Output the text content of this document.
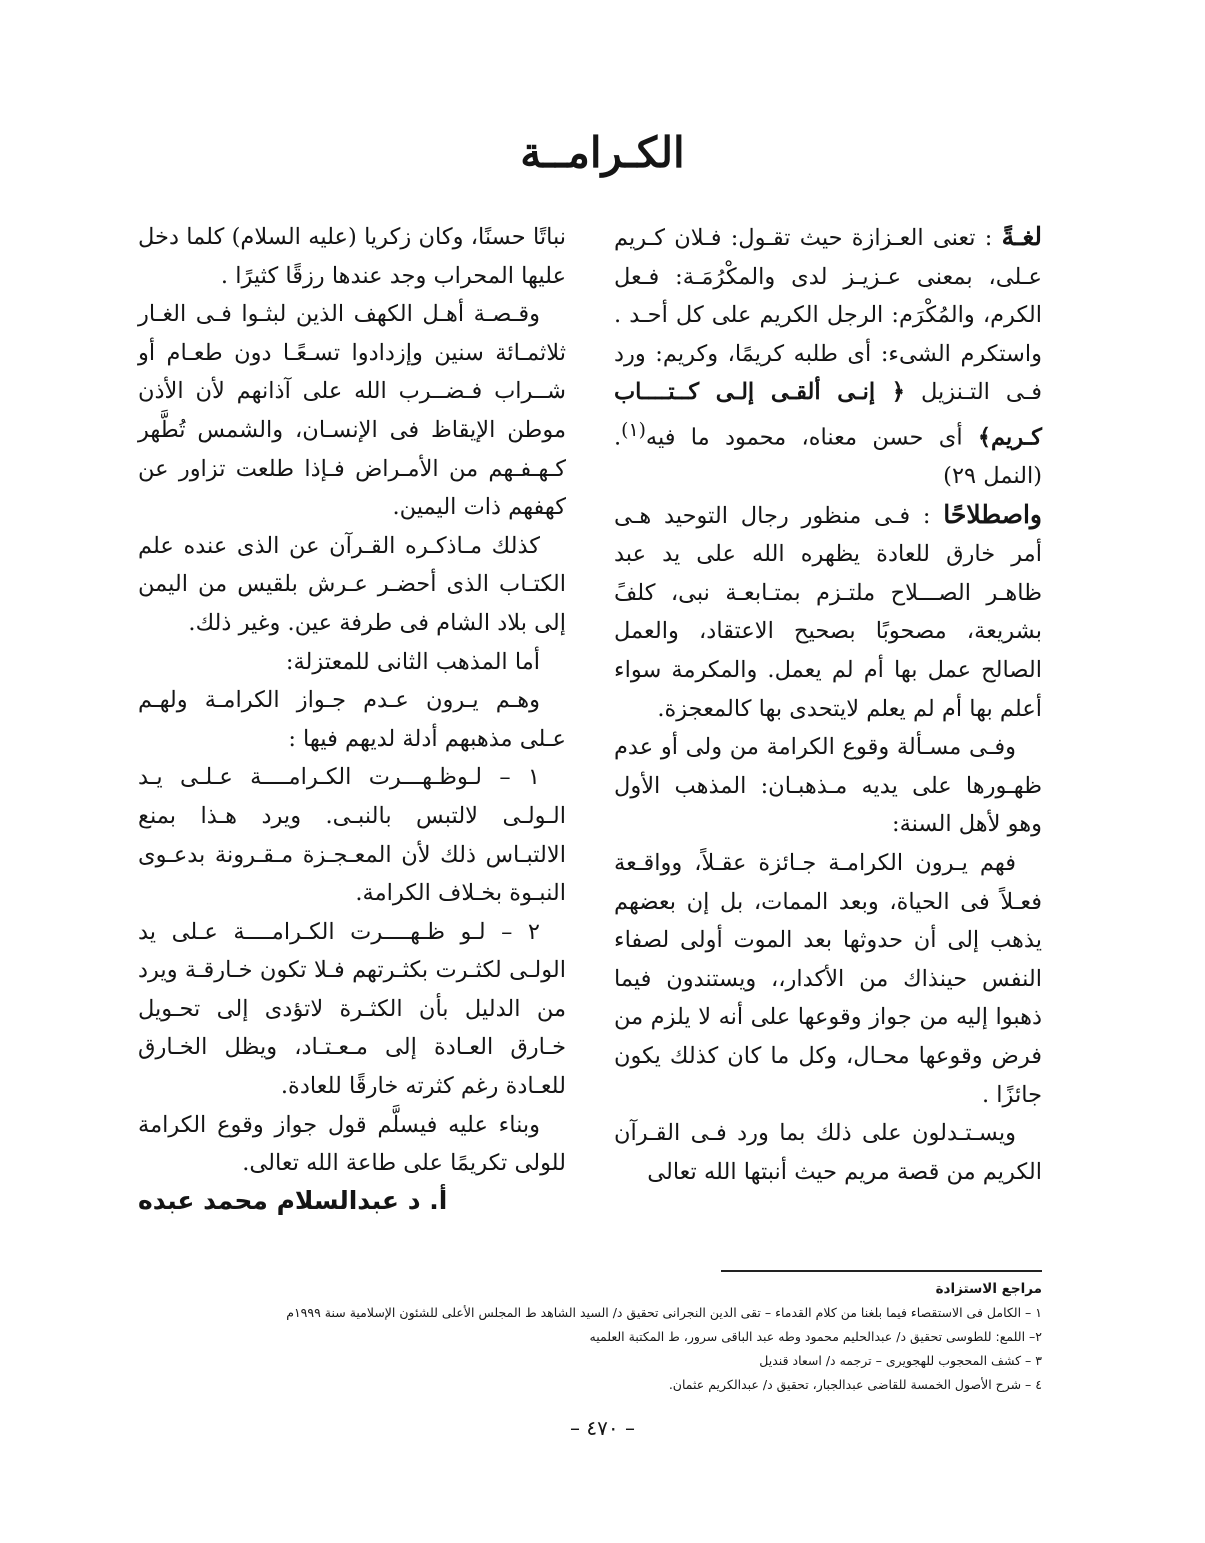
الكـرامــة

لغـةً : تعنى العـزازة حيث تقـول: فـلان كـريم عـلى، بمعنى عـزيـز لدى والمكْرُمَـة: فـعل الكرم، والمُكْرَم: الرجل الكريم على كل أحـد . واستكرم الشىء: أى طلبه كريمًا، وكريم: ورد فـى التـنزيل ﴿ إنـى ألقـى إلـى كــتــــاب كـريم﴾ أى حسن معناه، محمود ما فيه$^{(١)}$. (النمل ٢٩)

واصطلاحًا : فـى منظور رجال التوحيد هـى أمر خارق للعادة يظهره الله على يد عبد ظاهـر الصـــلاح ملتـزم بمتـابعـة نبى، كلفً بشريعة، مصحوبًا بصحيح الاعتقاد، والعمل الصالح عمل بها أم لم يعمل. والمكرمة سواء أعلم بها أم لم يعلم لايتحدى بها كالمعجزة.

وفـى مسـألة وقوع الكرامة من ولى أو عدم ظهـورها على يديه مـذهبـان: المذهب الأول وهو لأهل السنة:

فهم يـرون الكرامـة جـائزة عقـلاً، وواقـعة فعـلاً فى الحياة، وبعد الممات، بل إن بعضهم يذهب إلى أن حدوثها بعد الموت أولى لصفاء النفس حينذاك من الأكدار،، ويستندون فيما ذهبوا إليه من جواز وقوعها على أنه لا يلزم من فرض وقوعها محـال، وكل ما كان كذلك يكون جائزًا .

ويسـتـدلون على ذلك بما ورد فـى القـرآن الكريم من قصة مريم حيث أنبتها الله تعالى

نباتًا حسنًا، وكان زكريا (عليه السلام) كلما دخل عليها المحراب وجد عندها رزقًا كثيرًا .

وقـصـة أهـل الكهف الذين لبثـوا فـى الغـار ثلاثمـائة سنين وإزدادوا تسـعًـا دون طعـام أو شــراب فـضــرب الله على آذانهم لأن الأذن موطن الإيقاظ فى الإنسـان، والشمس تُطَّهر كـهـفـهم من الأمـراض فـإذا طلعت تزاور عن كهفهم ذات اليمين.

كذلك مـاذكـره القـرآن عن الذى عنده علم الكتـاب الذى أحضـر عـرش بلقيس من اليمن إلى بلاد الشام فى طرفة عين. وغير ذلك.

أما المذهب الثانى للمعتزلة:

وهـم يـرون عـدم جـواز الكرامـة ولهـم عـلى مذهبهم أدلة لديهم فيها :

١ – لـوظـهـــرت الكـرامــــة عـلـى يـد الـولـى لالتبس بالنبـى. ويرد هـذا بمنع الالتبـاس ذلك لأن المعـجـزة مـقـرونة بدعـوى النبـوة بخـلاف الكرامة.

٢ – لـو ظـهــــرت الكـرامــــة عـلى يد الولـى لكثـرت بكثـرتهم فـلا تكون خـارقـة ويرد من الدليل بأن الكثـرة لاتؤدى إلى تحـويل خـارق العـادة إلى مـعـتـاد، ويظل الخـارق للعـادة رغم كثرته خارقًا للعادة.

وبناء عليه فيسلَّم قول جواز وقوع الكرامة للولى تكريمًا على طاعة الله تعالى.

أ. د عبدالسلام محمد عبده
مراجع الاستزادة
١ – الكامل فى الاستقصاء فيما بلغنا من كلام القدماء – تقى الدين النجرانى تحقيق د/ السيد الشاهد ط المجلس الأعلى للشئون الإسلامية سنة ١٩٩٩م
٢– اللمع: للطوسى تحقيق د/ عبدالحليم محمود وطه عبد الباقى سرور، ط المكتبة العلميه
٣ – كشف المحجوب للهجويرى – ترجمه د/ اسعاد قنديل
٤ – شرح الأصول الخمسة للقاضى عبدالجبار، تحقيق د/ عبدالكريم عثمان.
– ٤٧٠ –
